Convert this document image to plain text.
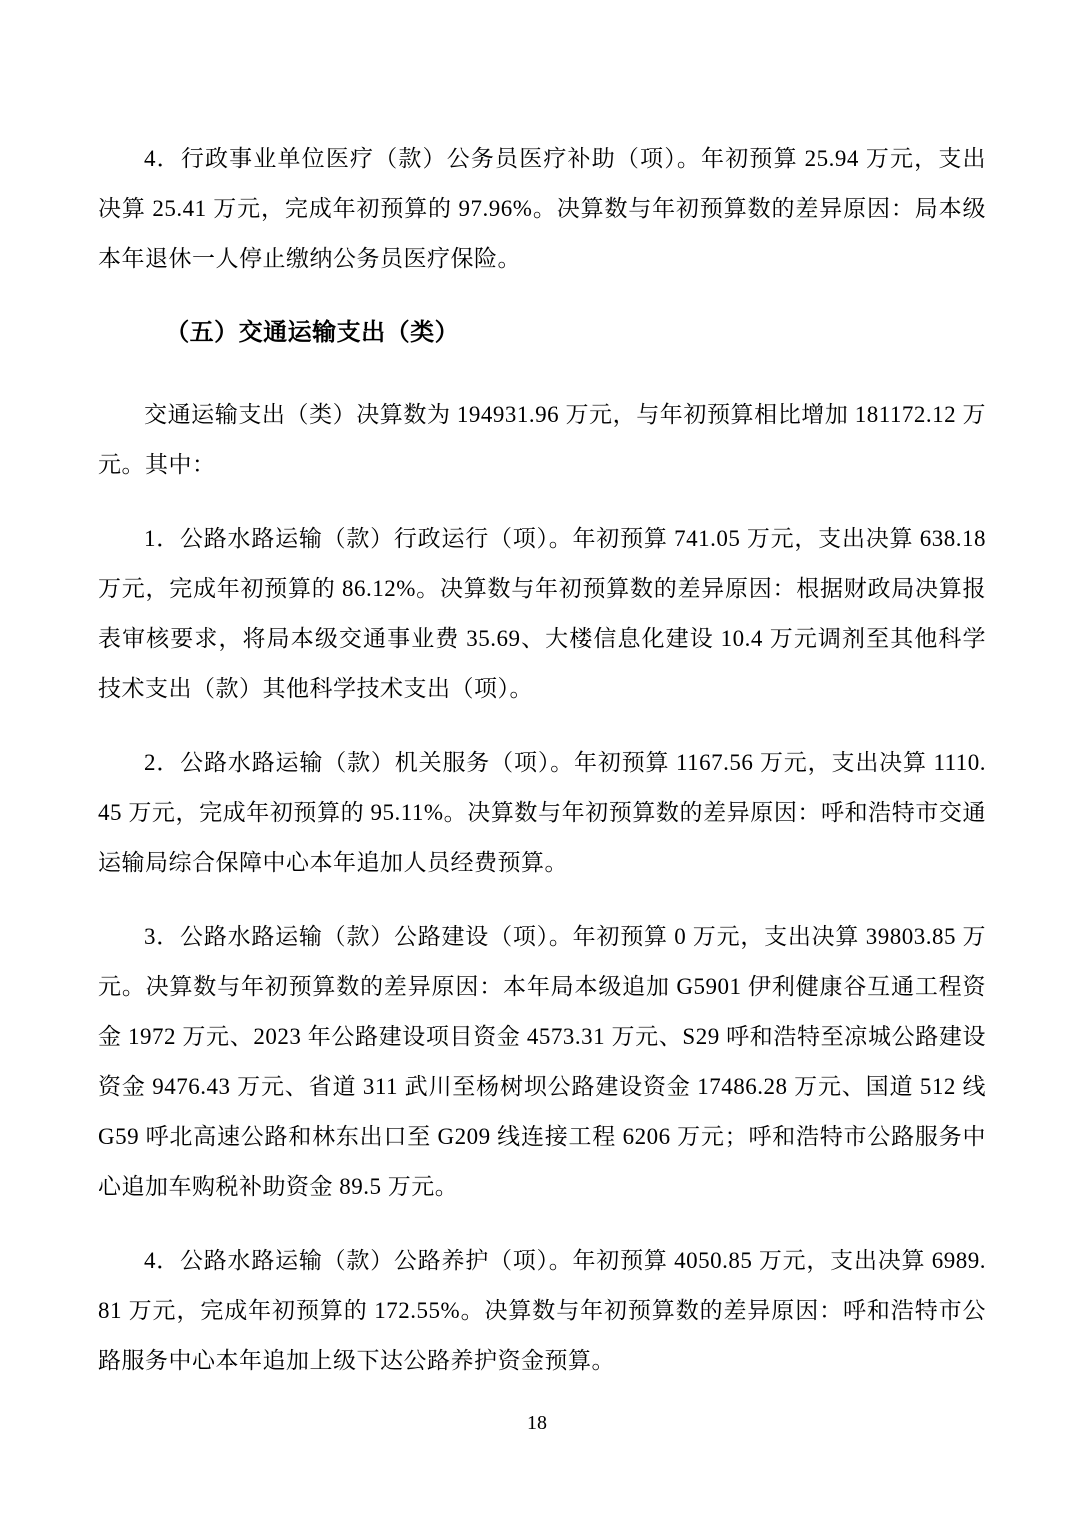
4．行政事业单位医疗（款）公务员医疗补助（项）。年初预算 25.94 万元，支出决算 25.41 万元，完成年初预算的 97.96%。决算数与年初预算数的差异原因：局本级本年退休一人停止缴纳公务员医疗保险。

（五）交通运输支出（类）

交通运输支出（类）决算数为 194931.96 万元，与年初预算相比增加 181172.12 万元。其中：

1．公路水路运输（款）行政运行（项）。年初预算 741.05 万元，支出决算 638.18 万元，完成年初预算的 86.12%。决算数与年初预算数的差异原因：根据财政局决算报表审核要求，将局本级交通事业费 35.69、大楼信息化建设 10.4 万元调剂至其他科学技术支出（款）其他科学技术支出（项）。

2．公路水路运输（款）机关服务（项）。年初预算 1167.56 万元，支出决算 1110.45 万元，完成年初预算的 95.11%。决算数与年初预算数的差异原因：呼和浩特市交通运输局综合保障中心本年追加人员经费预算。

3．公路水路运输（款）公路建设（项）。年初预算 0 万元，支出决算 39803.85 万元。决算数与年初预算数的差异原因：本年局本级追加 G5901 伊利健康谷互通工程资金 1972 万元、2023 年公路建设项目资金 4573.31 万元、S29 呼和浩特至凉城公路建设资金 9476.43 万元、省道 311 武川至杨树坝公路建设资金 17486.28 万元、国道 512 线 G59 呼北高速公路和林东出口至 G209 线连接工程 6206 万元；呼和浩特市公路服务中心追加车购税补助资金 89.5 万元。

4．公路水路运输（款）公路养护（项）。年初预算 4050.85 万元，支出决算 6989.81 万元，完成年初预算的 172.55%。决算数与年初预算数的差异原因：呼和浩特市公路服务中心本年追加上级下达公路养护资金预算。

18
